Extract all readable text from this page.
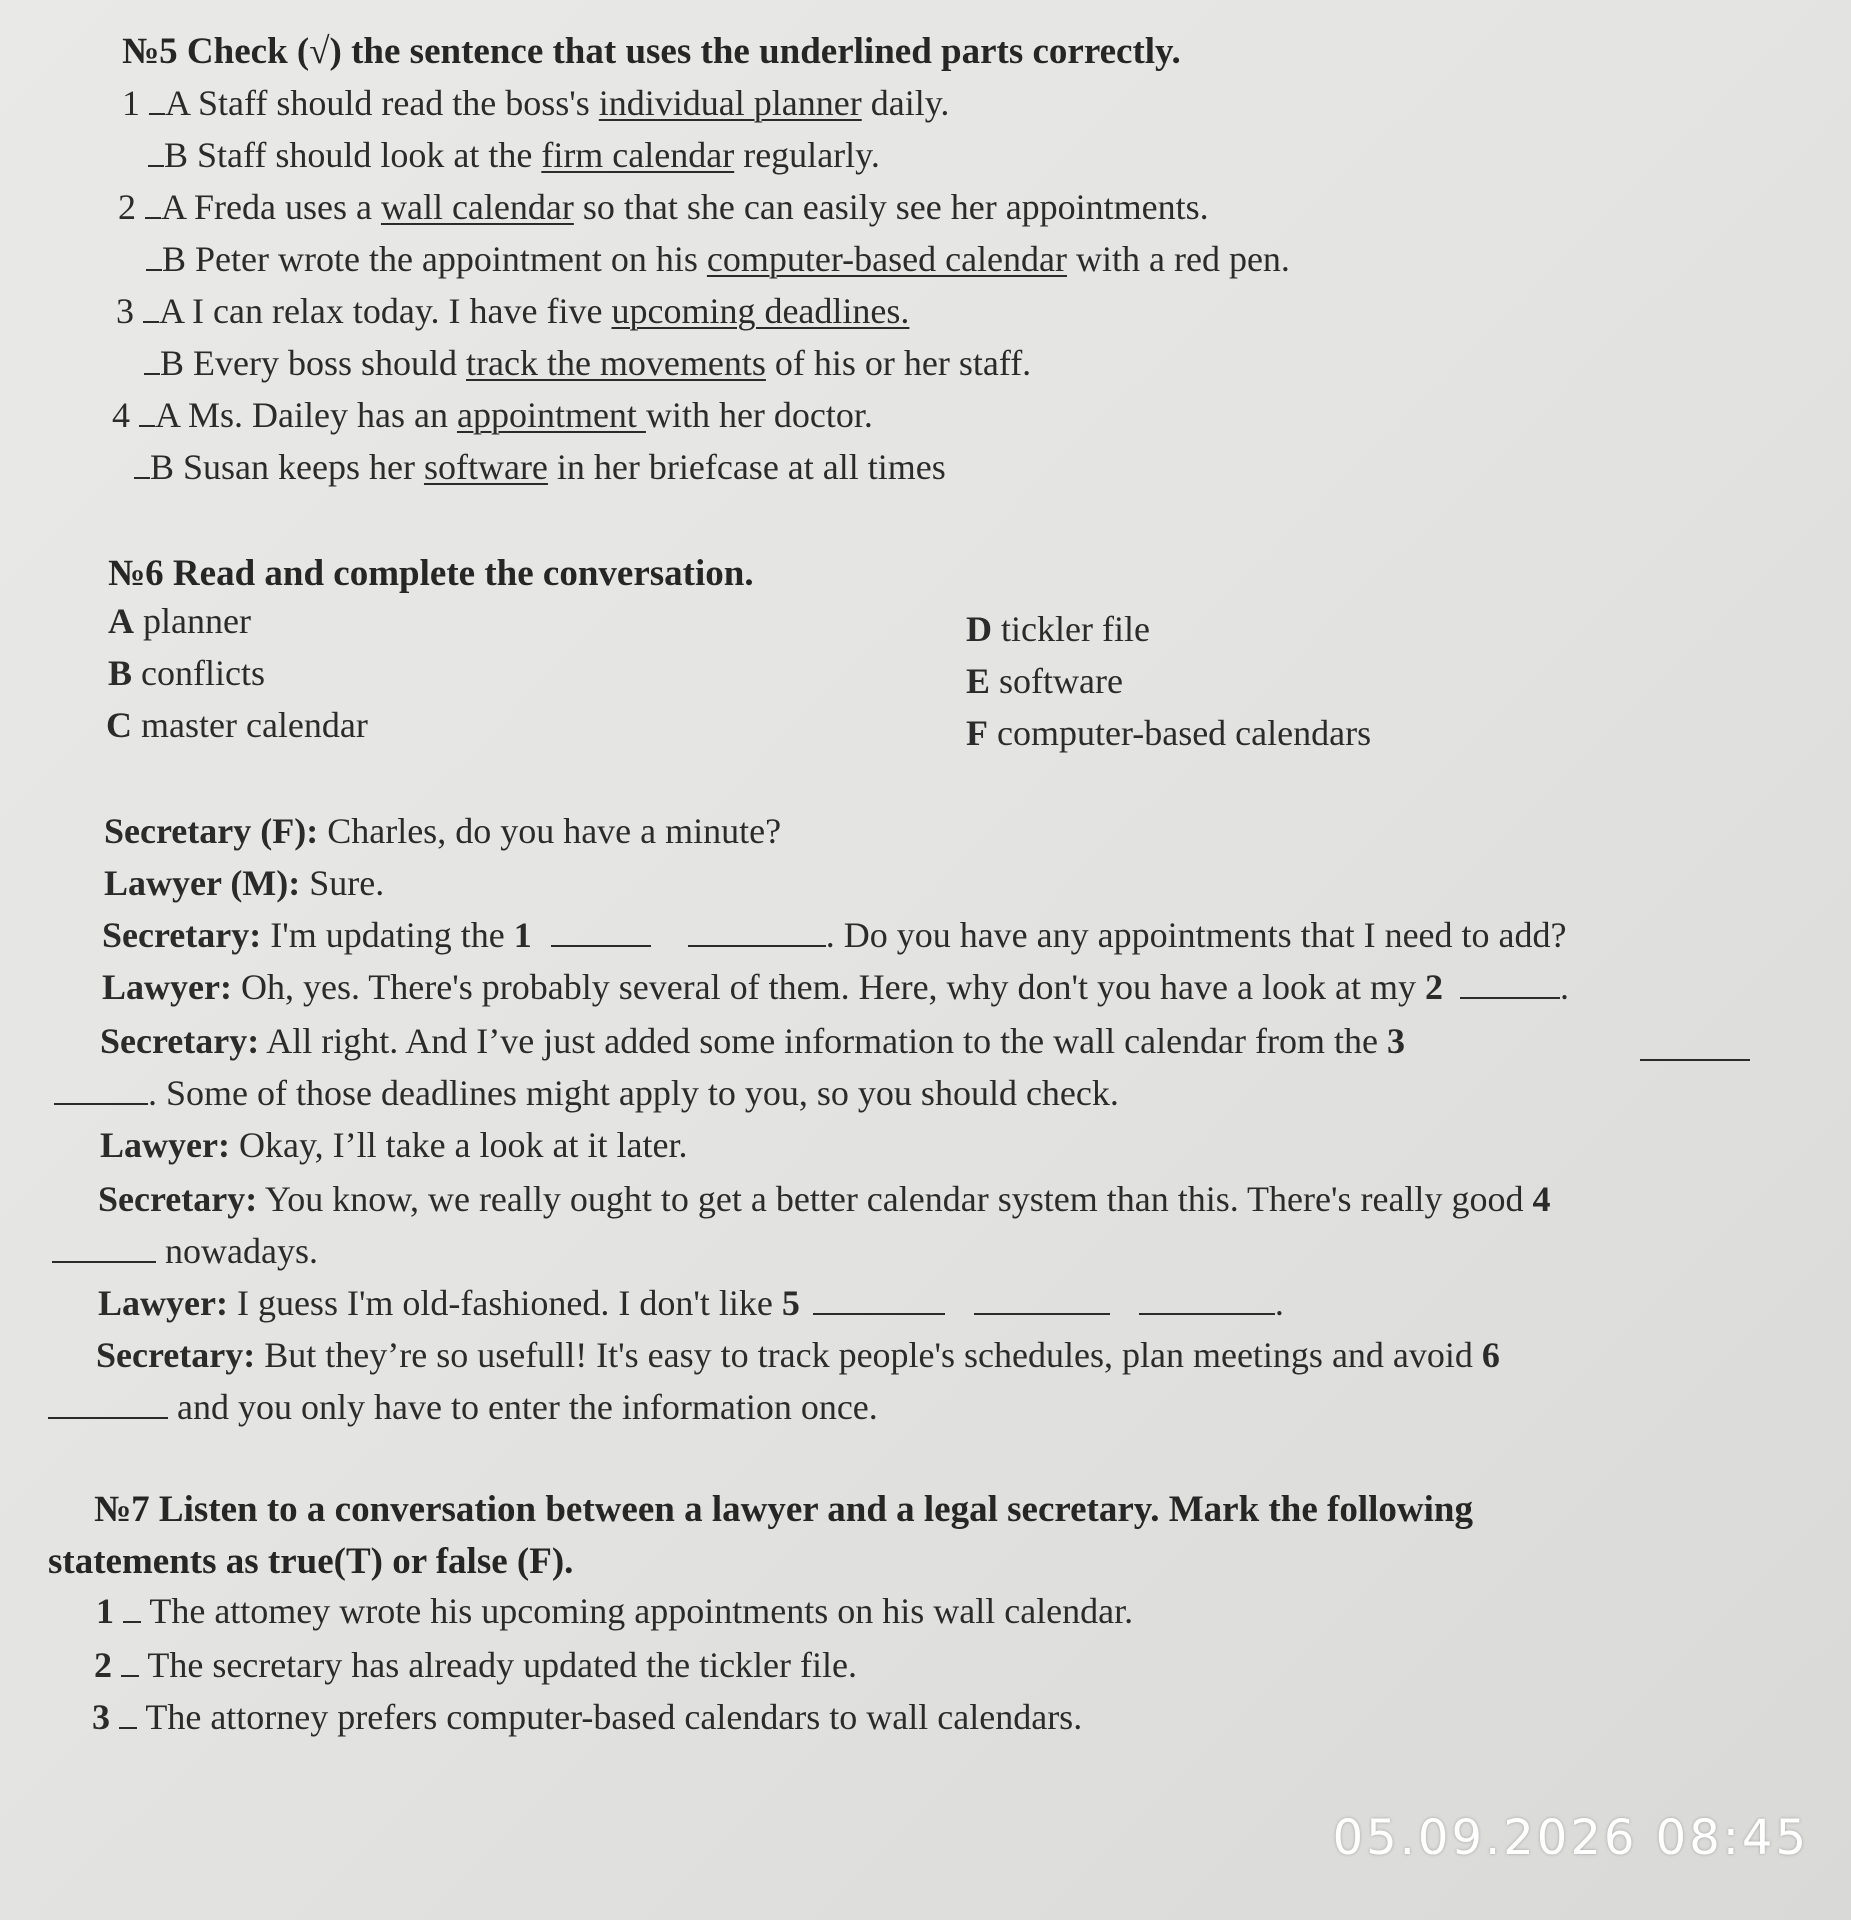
№5 Check (√) the sentence that uses the underlined parts correctly.
1 A Staff should read the boss's individual planner daily.
B Staff should look at the firm calendar regularly.
2 A Freda uses a wall calendar so that she can easily see her appointments.
B Peter wrote the appointment on his computer-based calendar with a red pen.
3 A I can relax today. I have five upcoming deadlines.
B Every boss should track the movements of his or her staff.
4 A Ms. Dailey has an appointment with her doctor.
B Susan keeps her software in her briefcase at all times
№6 Read and complete the conversation.
A planner
B conflicts
C master calendar
D tickler file
E software
F computer-based calendars
Secretary (F): Charles, do you have a minute?
Lawyer (M): Sure.
Secretary: I'm updating the 1	. Do you have any appointments that I need to add?
Lawyer: Oh, yes. There's probably several of them. Here, why don't you have a look at my 2	.
Secretary: All right. And I’ve just added some information to the wall calendar from the 3
. Some of those deadlines might apply to you, so you should check.
Lawyer: Okay, I’ll take a look at it later.
Secretary: You know, we really ought to get a better calendar system than this. There's really good 4
nowadays.
Lawyer: I guess I'm old-fashioned. I don't like 5	.
Secretary: But they’re so usefull! It's easy to track people's schedules, plan meetings and avoid 6
and you only have to enter the information once.
№7 Listen to a conversation between a lawyer and a legal secretary. Mark the following
statements as true(T) or false (F).
1  The attomey wrote his upcoming appointments on his wall calendar.
2  The secretary has already updated the tickler file.
3  The attorney prefers computer-based calendars to wall calendars.
05.09.2026 08:45
